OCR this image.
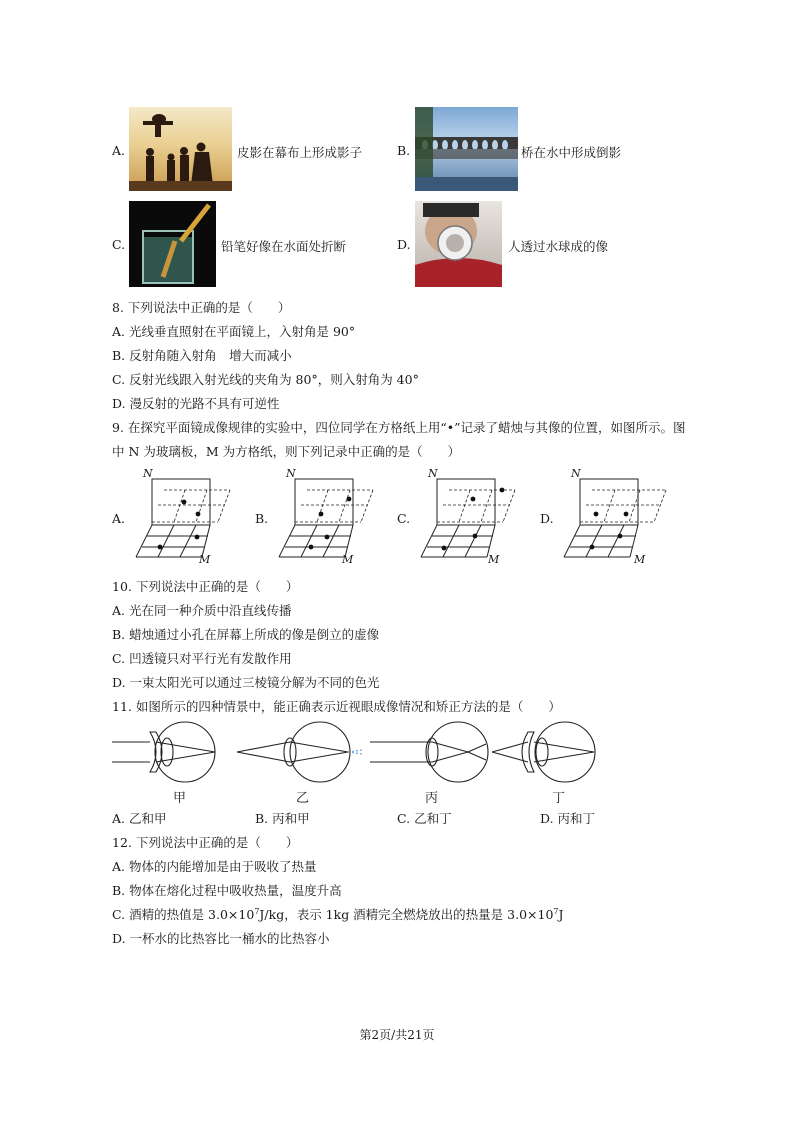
A.	皮影在幕布上形成影子	B.	桥在水中形成倒影
C.	铅笔好像在水面处折断	D.	人透过水球成的像
8. 下列说法中正确的是（　　）
A. 光线垂直照射在平面镜上，入射角是 90°
B. 反射角随入射角　增大而减小
C. 反射光线跟入射光线的夹角为 80°，则入射角为 40°
D. 漫反射的光路不具有可逆性
9. 在探究平面镜成像规律的实验中，四位同学在方格纸上用“•”记录了蜡烛与其像的位置，如图所示。图
中 N 为玻璃板，M 为方格纸，则下列记录中正确的是（　　）
A.
N
M
B.
N
M
C.
N
M
D.
N
M
10. 下列说法中正确的是（　　）
A. 光在同一种介质中沿直线传播
B. 蜡烛通过小孔在屏幕上所成的像是倒立的虚像
C. 凹透镜只对平行光有发散作用
D. 一束太阳光可以通过三棱镜分解为不同的色光
11. 如图所示的四种情景中，能正确表示近视眼成像情况和矫正方法的是（　　）
甲	乙	丙	丁
A. 乙和甲	B. 丙和甲	C. 乙和丁	D. 丙和丁
12. 下列说法中正确的是（　　）
A. 物体的内能增加是由于吸收了热量
B. 物体在熔化过程中吸收热量，温度升高
C. 酒精的热值是 $3.0\times 10^7J/kg$，表示 1kg 酒精完全燃烧放出的热量是 $3.0\times 10^7J$
D. 一杯水的比热容比一桶水的比热容小
第2页/共21页
